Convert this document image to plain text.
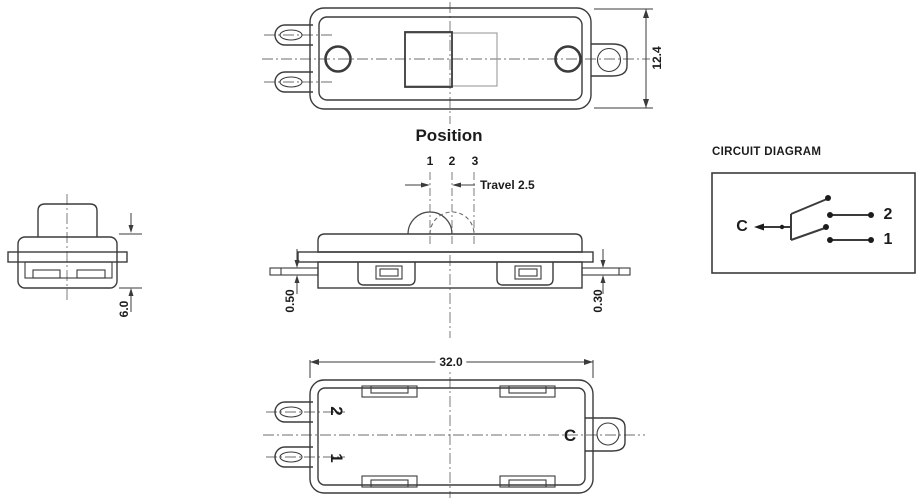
Position
1 2 3
Travel 2.5
12.4
0.50	0.30
6.0
32.0
2
1
C
CIRCUIT DIAGRAM
C
2
1
